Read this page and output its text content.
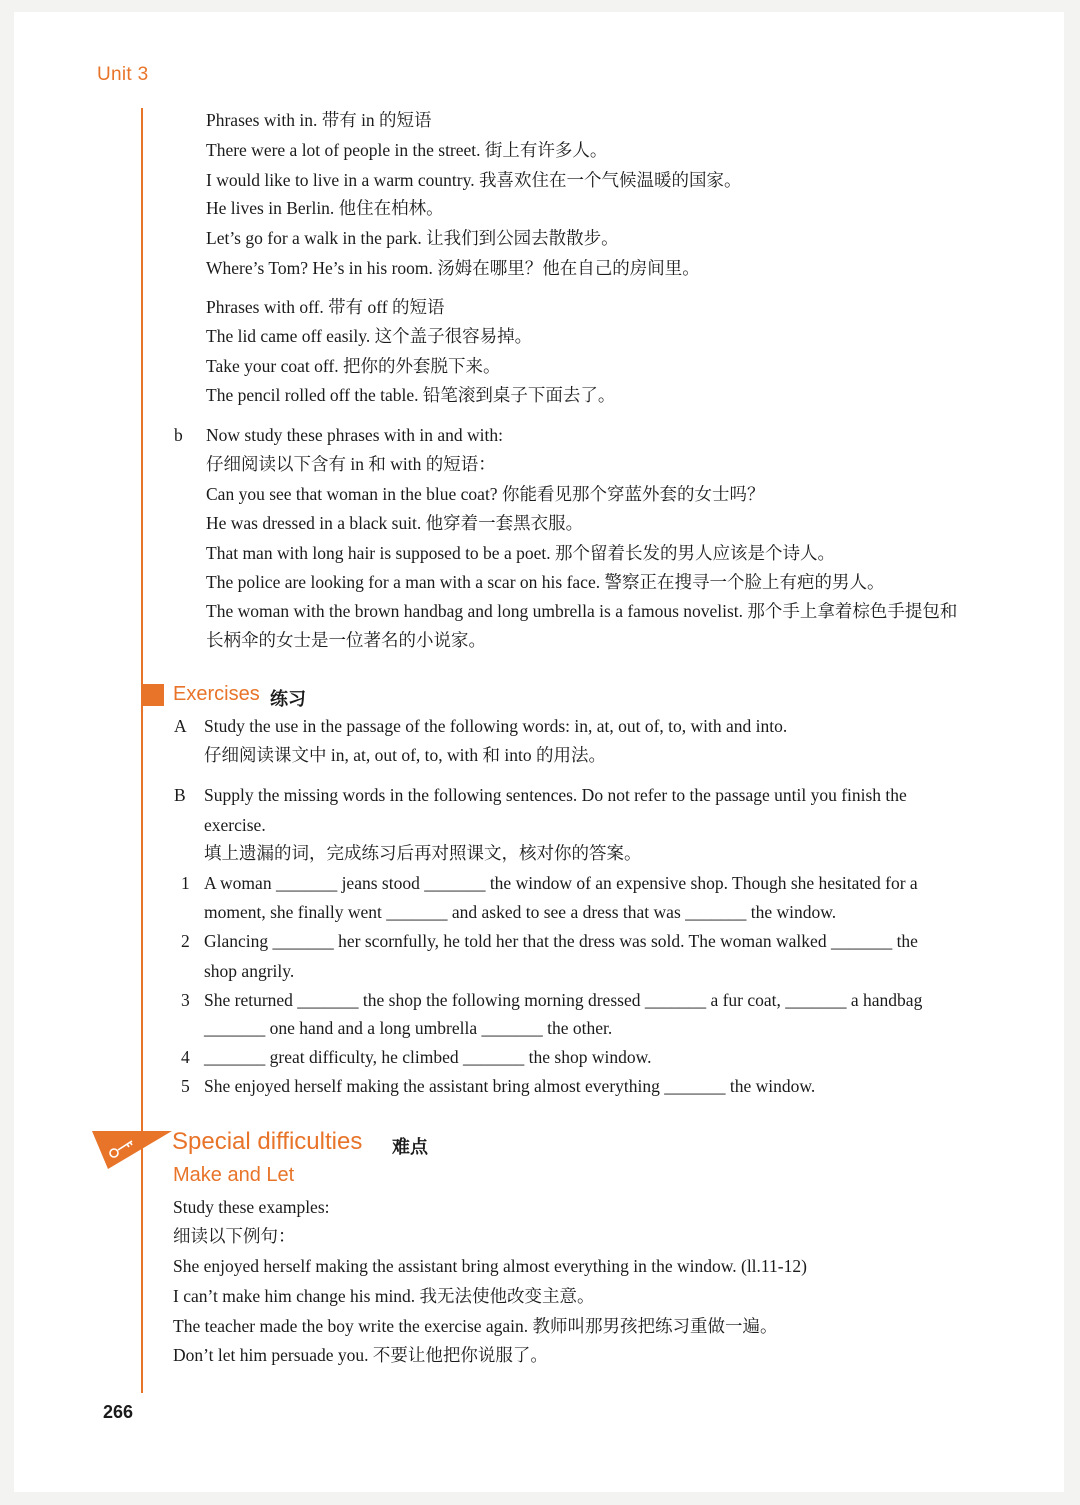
Unit 3
Phrases with in. 带有 in 的短语
There were a lot of people in the street. 街上有许多人。
I would like to live in a warm country. 我喜欢住在一个气候温暖的国家。
He lives in Berlin. 他住在柏林。
Let’s go for a walk in the park. 让我们到公园去散散步。
Where’s Tom? He’s in his room. 汤姆在哪里？他在自己的房间里。
Phrases with off. 带有 off 的短语
The lid came off easily. 这个盖子很容易掉。
Take your coat off. 把你的外套脱下来。
The pencil rolled off the table. 铅笔滚到桌子下面去了。
b Now study these phrases with in and with:
仔细阅读以下含有 in 和 with 的短语：
Can you see that woman in the blue coat? 你能看见那个穿蓝外套的女士吗？
He was dressed in a black suit. 他穿着一套黑衣服。
That man with long hair is supposed to be a poet. 那个留着长发的男人应该是个诗人。
The police are looking for a man with a scar on his face. 警察正在搜寻一个脸上有疤的男人。
The woman with the brown handbag and long umbrella is a famous novelist. 那个手上拿着棕色手提包和
长柄伞的女士是一位著名的小说家。
Exercises 练习
A Study the use in the passage of the following words: in, at, out of, to, with and into.
仔细阅读课文中 in, at, out of, to, with 和 into 的用法。
B Supply the missing words in the following sentences. Do not refer to the passage until you finish the
exercise.
填上遗漏的词，完成练习后再对照课文，核对你的答案。
1 A woman _______ jeans stood _______ the window of an expensive shop. Though she hesitated for a
moment, she finally went _______ and asked to see a dress that was _______ the window.
2 Glancing _______ her scornfully, he told her that the dress was sold. The woman walked _______ the
shop angrily.
3 She returned _______ the shop the following morning dressed _______ a fur coat, _______ a handbag
_______ one hand and a long umbrella _______ the other.
4 _______ great difficulty, he climbed _______ the shop window.
5 She enjoyed herself making the assistant bring almost everything _______ the window.
Special difficulties 难点
Make and Let
Study these examples:
细读以下例句：
She enjoyed herself making the assistant bring almost everything in the window. (ll.11-12)
I can’t make him change his mind. 我无法使他改变主意。
The teacher made the boy write the exercise again. 教师叫那男孩把练习重做一遍。
Don’t let him persuade you. 不要让他把你说服了。
266
